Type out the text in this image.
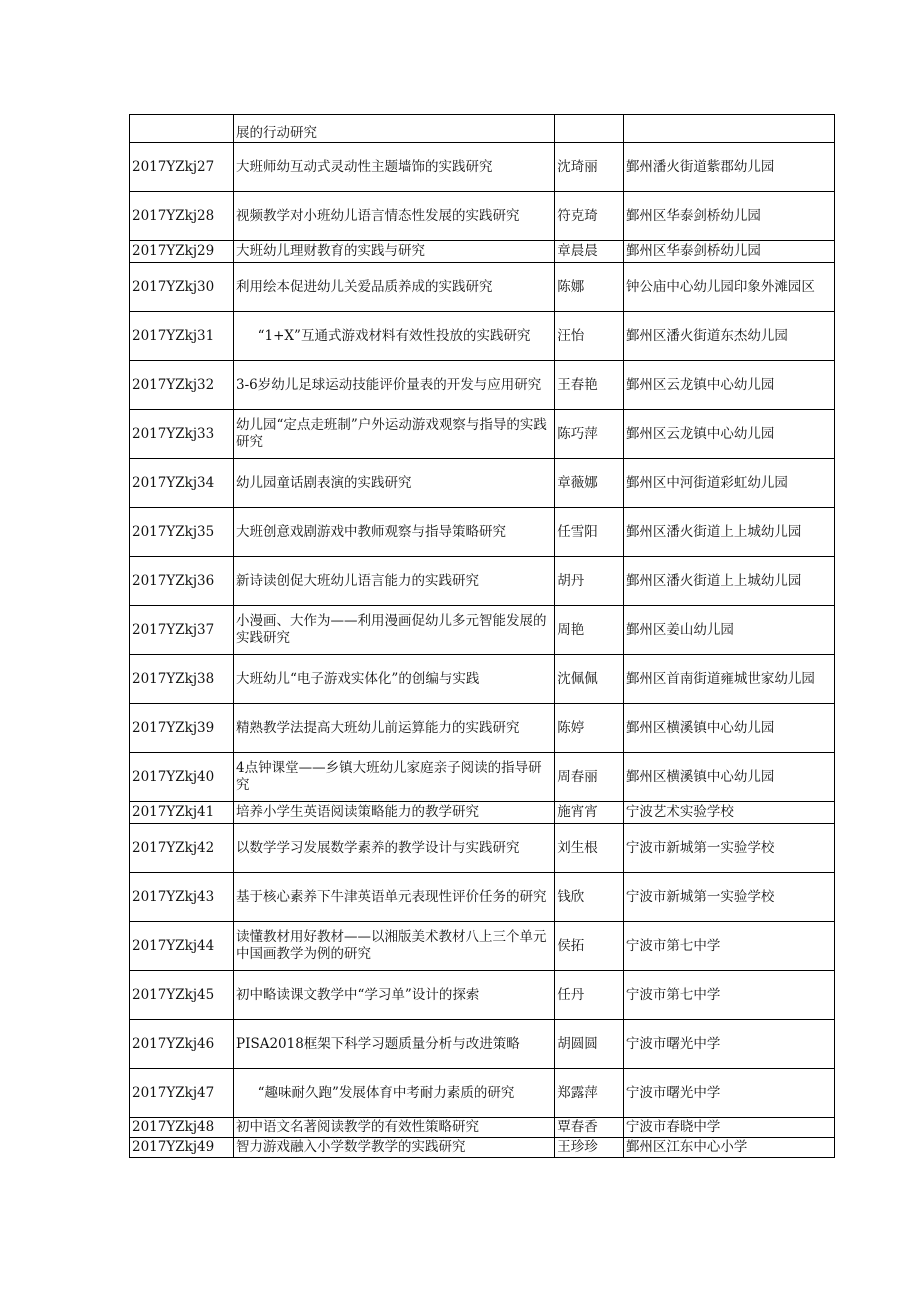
	展的行动研究		

2017YZkj27	大班师幼互动式灵动性主题墙饰的实践研究	沈琦丽	鄞州潘火街道紫郡幼儿园
2017YZkj28	视频教学对小班幼儿语言情态性发展的实践研究	符克琦	鄞州区华泰剑桥幼儿园
2017YZkj29	大班幼儿理财教育的实践与研究	章晨晨	鄞州区华泰剑桥幼儿园
2017YZkj30	利用绘本促进幼儿关爱品质养成的实践研究	陈娜	钟公庙中心幼儿园印象外滩园区
2017YZkj31	“1+X”互通式游戏材料有效性投放的实践研究	汪怡	鄞州区潘火街道东杰幼儿园
2017YZkj32	3-6岁幼儿足球运动技能评价量表的开发与应用研究	王春艳	鄞州区云龙镇中心幼儿园
2017YZkj33	幼儿园“定点走班制”户外运动游戏观察与指导的实践研究	陈巧萍	鄞州区云龙镇中心幼儿园
2017YZkj34	幼儿园童话剧表演的实践研究	章薇娜	鄞州区中河街道彩虹幼儿园
2017YZkj35	大班创意戏剧游戏中教师观察与指导策略研究	任雪阳	鄞州区潘火街道上上城幼儿园
2017YZkj36	新诗读创促大班幼儿语言能力的实践研究	胡丹	鄞州区潘火街道上上城幼儿园
2017YZkj37	小漫画、大作为——利用漫画促幼儿多元智能发展的实践研究	周艳	鄞州区姜山幼儿园
2017YZkj38	大班幼儿“电子游戏实体化”的创编与实践	沈佩佩	鄞州区首南街道雍城世家幼儿园
2017YZkj39	精熟教学法提高大班幼儿前运算能力的实践研究	陈婷	鄞州区横溪镇中心幼儿园
2017YZkj40	4点钟课堂——乡镇大班幼儿家庭亲子阅读的指导研究	周春丽	鄞州区横溪镇中心幼儿园
2017YZkj41	培养小学生英语阅读策略能力的教学研究	施宵宵	宁波艺术实验学校
2017YZkj42	以数学学习发展数学素养的教学设计与实践研究	刘生根	宁波市新城第一实验学校
2017YZkj43	基于核心素养下牛津英语单元表现性评价任务的研究	钱欣	宁波市新城第一实验学校
2017YZkj44	读懂教材用好教材——以湘版美术教材八上三个单元中国画教学为例的研究	侯拓	宁波市第七中学
2017YZkj45	初中略读课文教学中“学习单”设计的探索	任丹	宁波市第七中学
2017YZkj46	PISA2018框架下科学习题质量分析与改进策略	胡圆圆	宁波市曙光中学
2017YZkj47	“趣味耐久跑”发展体育中考耐力素质的研究	郑露萍	宁波市曙光中学
2017YZkj48	初中语文名著阅读教学的有效性策略研究	覃春香	宁波市春晓中学
2017YZkj49	智力游戏融入小学数学教学的实践研究	王珍珍	鄞州区江东中心小学
